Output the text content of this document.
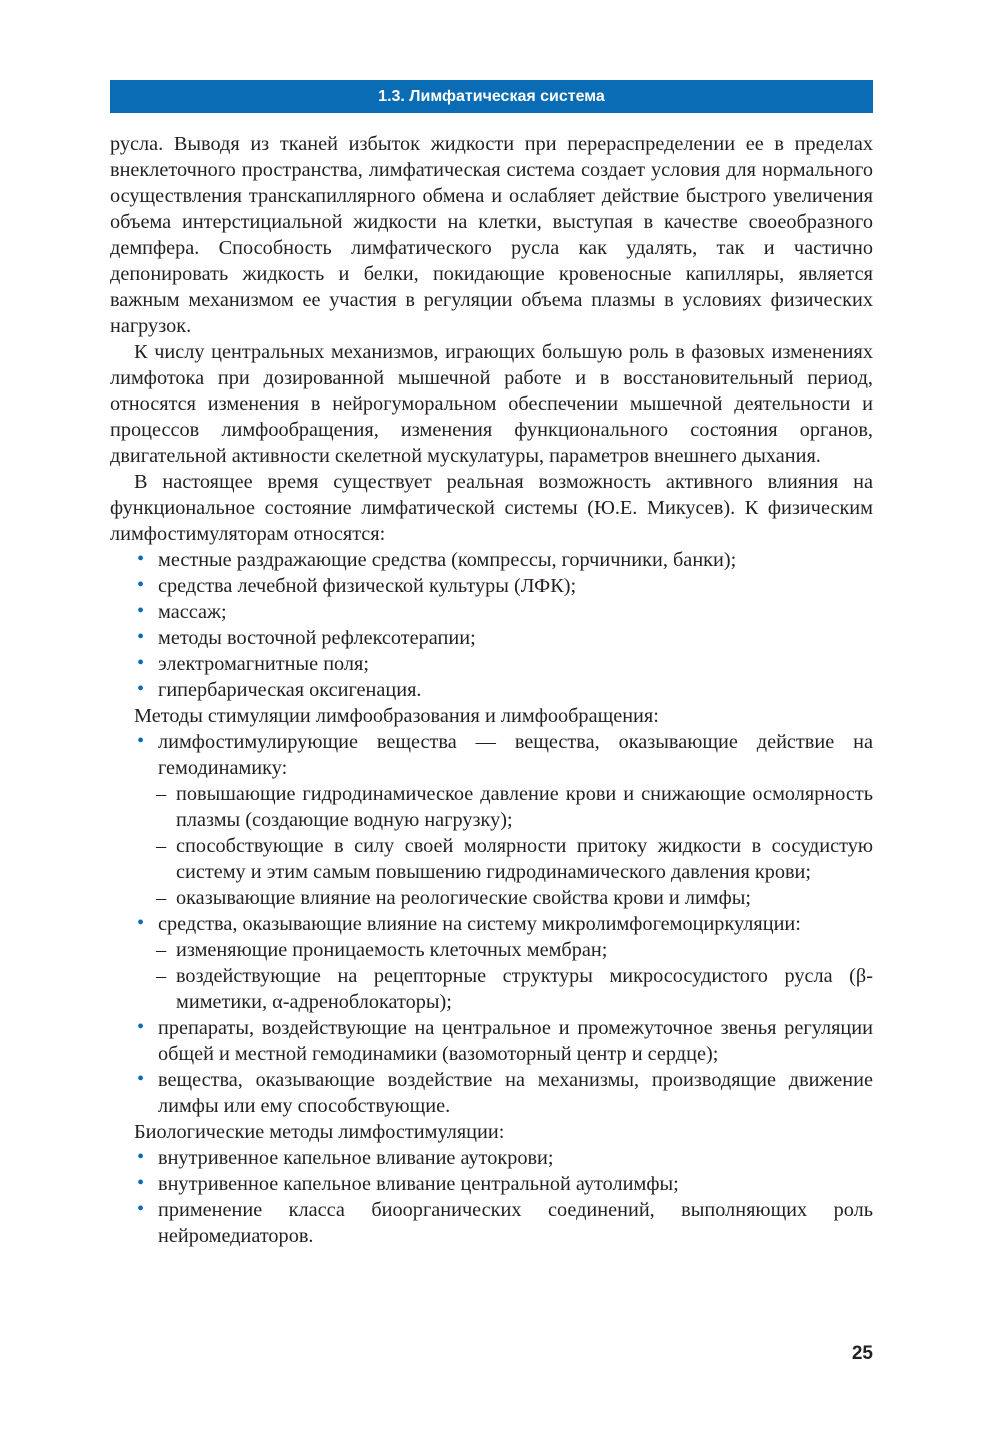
1.3. Лимфатическая система

русла. Выводя из тканей избыток жидкости при перераспределении ее в пределах внеклеточного пространства, лимфатическая система создает условия для нормального осуществления транскапиллярного обмена и ослабляет действие быстрого увеличения объема интерстициальной жидкости на клетки, выступая в качестве своеобразного демпфера. Способность лимфатического русла как удалять, так и частично депонировать жидкость и белки, покидающие кровеносные капилляры, является важным механизмом ее участия в регуляции объема плазмы в условиях физических нагрузок.

К числу центральных механизмов, играющих большую роль в фазовых изменениях лимфотока при дозированной мышечной работе и в восстановительный период, относятся изменения в нейрогуморальном обеспечении мышечной деятельности и процессов лимфообращения, изменения функционального состояния органов, двигательной активности скелетной мускулатуры, параметров внешнего дыхания.

В настоящее время существует реальная возможность активного влияния на функциональное состояние лимфатической системы (Ю.Е. Микусев). К физическим лимфостимуляторам относятся:

• местные раздражающие средства (компрессы, горчичники, банки);
• средства лечебной физической культуры (ЛФК);
• массаж;
• методы восточной рефлексотерапии;
• электромагнитные поля;
• гипербарическая оксигенация.
Методы стимуляции лимфообразования и лимфообращения:
• лимфостимулирующие вещества — вещества, оказывающие действие на гемодинамику:
– повышающие гидродинамическое давление крови и снижающие осмолярность плазмы (создающие водную нагрузку);
– способствующие в силу своей молярности притоку жидкости в сосудистую систему и этим самым повышению гидродинамического давления крови;
– оказывающие влияние на реологические свойства крови и лимфы;
• средства, оказывающие влияние на систему микролимфогемоциркуляции:
– изменяющие проницаемость клеточных мембран;
– воздействующие на рецепторные структуры микрососудистого русла (β-миметики, α-адреноблокаторы);
• препараты, воздействующие на центральное и промежуточное звенья регуляции общей и местной гемодинамики (вазомоторный центр и сердце);
• вещества, оказывающие воздействие на механизмы, производящие движение лимфы или ему способствующие.
Биологические методы лимфостимуляции:
• внутривенное капельное вливание аутокрови;
• внутривенное капельное вливание центральной аутолимфы;
• применение класса биоорганических соединений, выполняющих роль нейромедиаторов.
25
